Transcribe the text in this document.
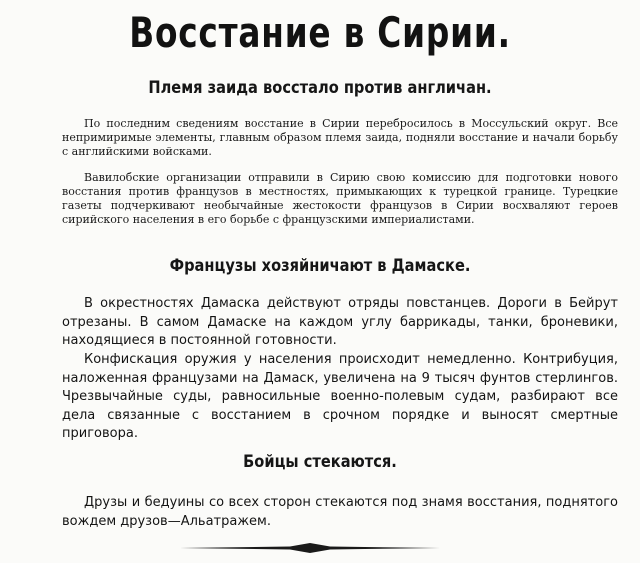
Восстание в Сирии.
Племя заида восстало против англичан.

По последним сведениям восстание в Сирии перебросилось в Моссульский округ. Все непримиримые элементы, главным образом племя заида, подняли восстание и начали борьбу с английскими войсками.

Вавилобские организации отправили в Сирию свою комиссию для подготовки нового восстания против французов в местностях, примыкающих к турецкой границе. Турецкие газеты подчеркивают необычайные жестокости французов в Сирии восхваляют героев сирийского населения в его борьбе с французскими империалистами.

Французы хозяйничают в Дамаске.

В окрестностях Дамаска действуют отряды повстанцев. Дороги в Бейрут отрезаны. В самом Дамаске на каждом углу баррикады, танки, броневики, находящиеся в постоянной готовности.

Конфискация оружия у населения происходит немедленно. Контрибуция, наложенная французами на Дамаск, увеличена на 9 тысяч фунтов стерлингов. Чрезвычайные суды, равносильные военно-полевым судам, разбирают все дела связанные с восстанием в срочном порядке и выносят смертные приговора.

Бойцы стекаются.

Друзы и бедуины со всех сторон стекаются под знамя восстания, поднятого вождем друзов—Альатражем.
